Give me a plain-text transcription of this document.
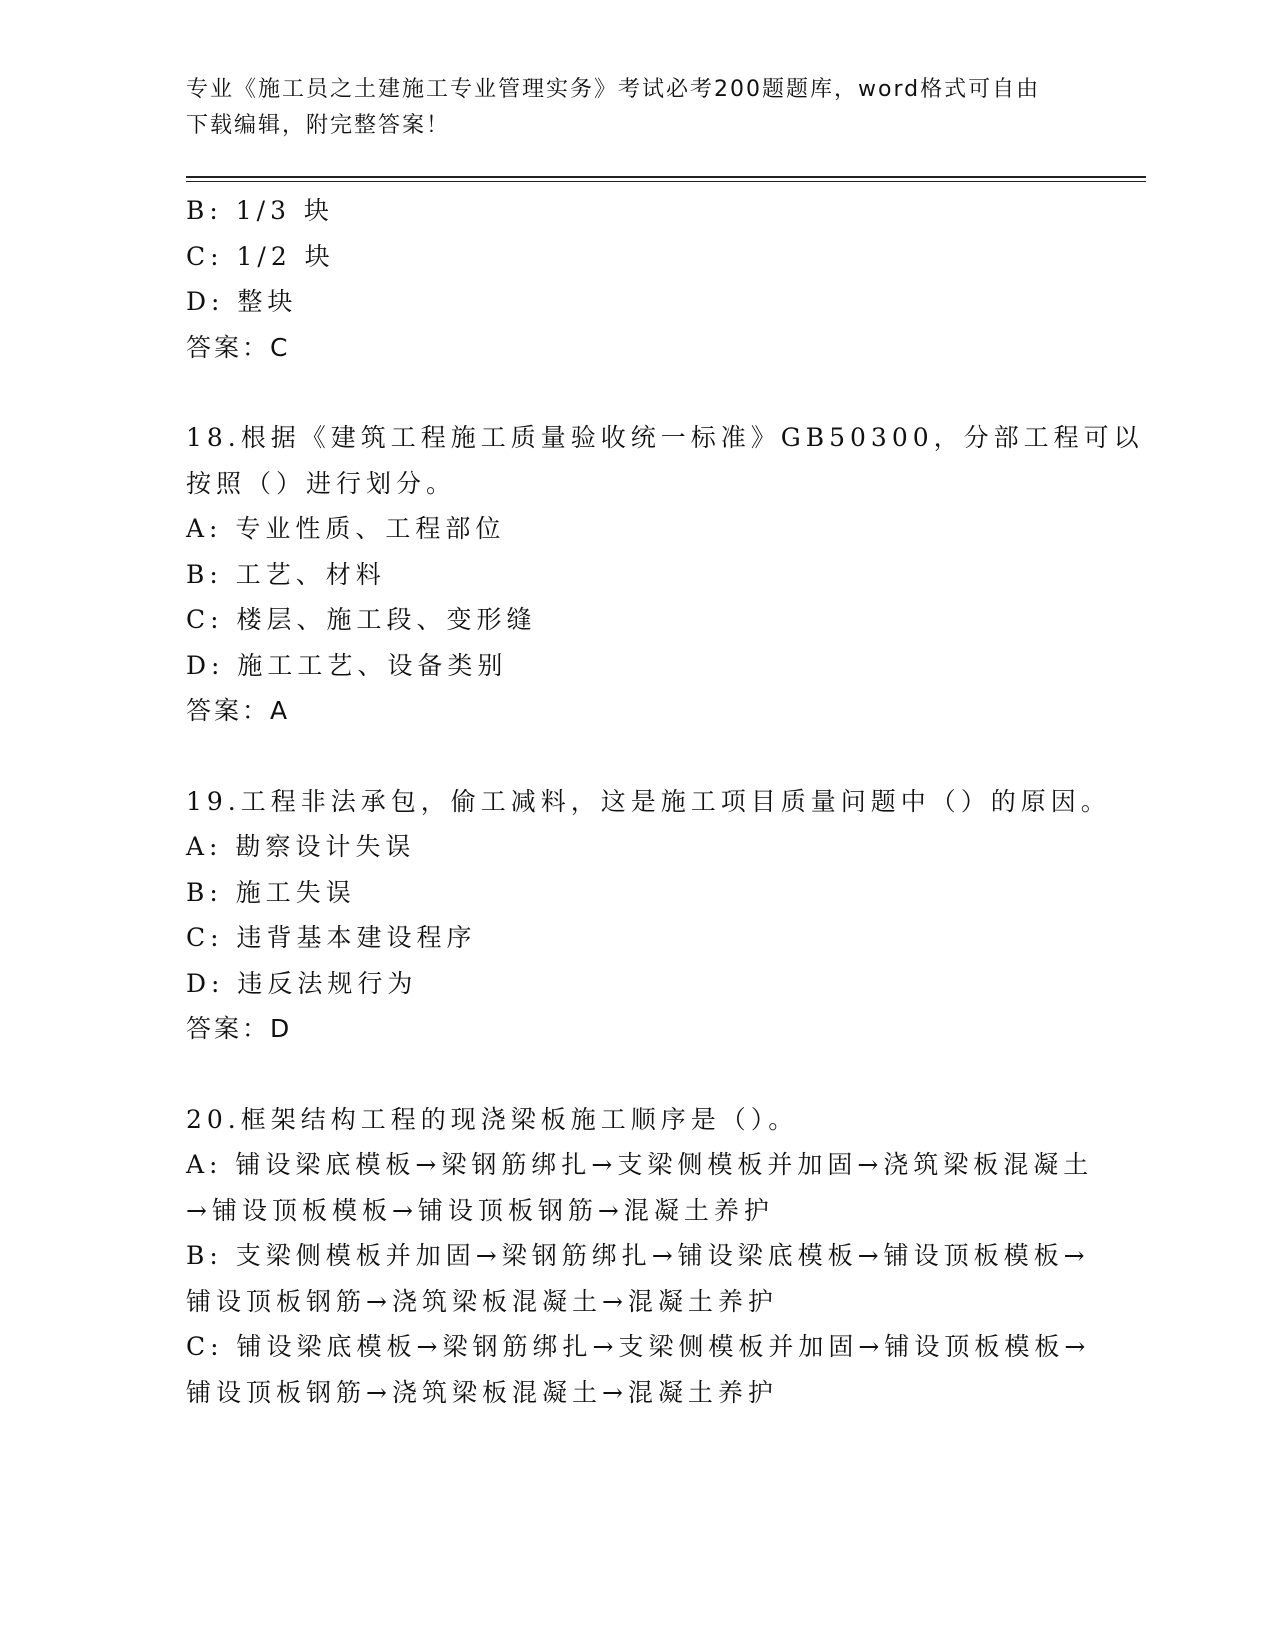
专业《施工员之土建施工专业管理实务》考试必考200题题库，word格式可自由
下载编辑，附完整答案！
B: 1/3 块
C: 1/2 块
D: 整块
答案：C
18.根据《建筑工程施工质量验收统一标准》GB50300，分部工程可以
按照（）进行划分。
A: 专业性质、工程部位
B: 工艺、材料
C: 楼层、施工段、变形缝
D: 施工工艺、设备类别
答案：A
19.工程非法承包，偷工减料，这是施工项目质量问题中（）的原因。
A: 勘察设计失误
B: 施工失误
C: 违背基本建设程序
D: 违反法规行为
答案：D
20.框架结构工程的现浇梁板施工顺序是（）。
A: 铺设梁底模板→梁钢筋绑扎→支梁侧模板并加固→浇筑梁板混凝土
→铺设顶板模板→铺设顶板钢筋→混凝土养护
B: 支梁侧模板并加固→梁钢筋绑扎→铺设梁底模板→铺设顶板模板→
铺设顶板钢筋→浇筑梁板混凝土→混凝土养护
C: 铺设梁底模板→梁钢筋绑扎→支梁侧模板并加固→铺设顶板模板→
铺设顶板钢筋→浇筑梁板混凝土→混凝土养护
